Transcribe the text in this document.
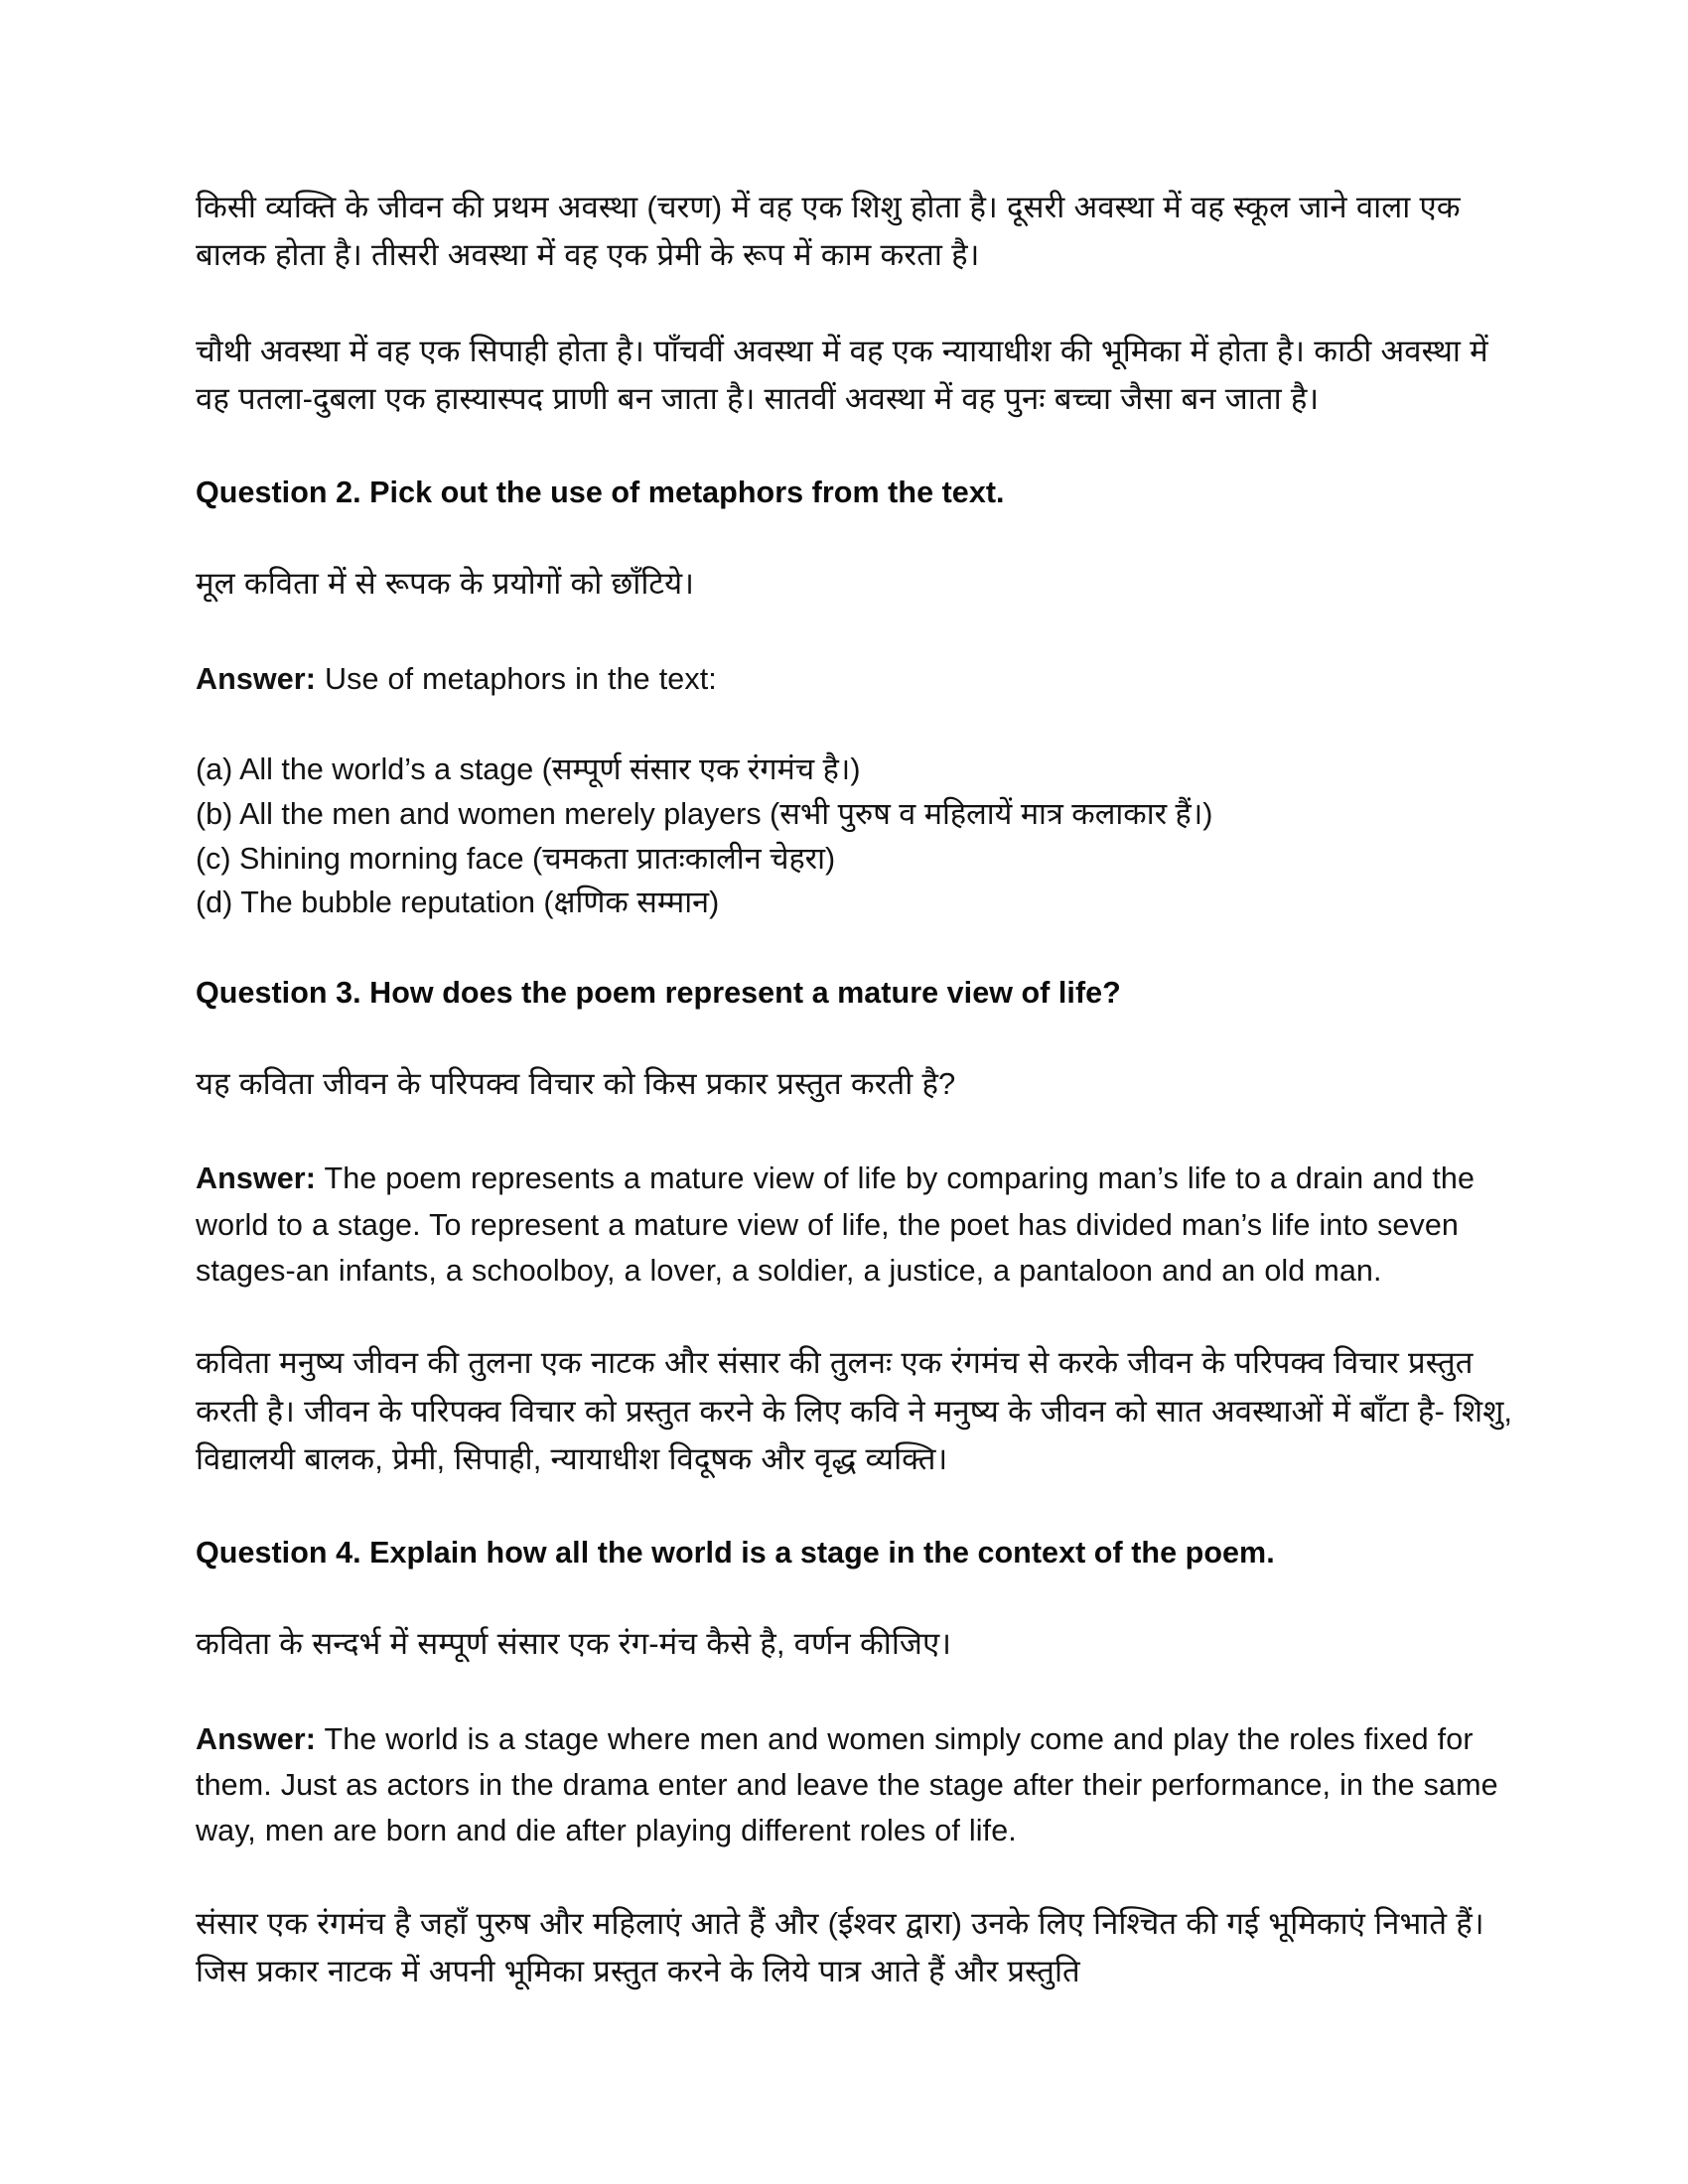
किसी व्यक्ति के जीवन की प्रथम अवस्था (चरण) में वह एक शिशु होता है। दूसरी अवस्था में वह स्कूल जाने वाला एक बालक होता है। तीसरी अवस्था में वह एक प्रेमी के रूप में काम करता है।

चौथी अवस्था में वह एक सिपाही होता है। पाँचवीं अवस्था में वह एक न्यायाधीश की भूमिका में होता है। काठी अवस्था में वह पतला-दुबला एक हास्यास्पद प्राणी बन जाता है। सातवीं अवस्था में वह पुनः बच्चा जैसा बन जाता है।

Question 2. Pick out the use of metaphors from the text.

मूल कविता में से रूपक के प्रयोगों को छाँटिये।

Answer: Use of metaphors in the text:

(a) All the world’s a stage (सम्पूर्ण संसार एक रंगमंच है।)
(b) All the men and women merely players (सभी पुरुष व महिलायें मात्र कलाकार हैं।)
(c) Shining morning face (चमकता प्रातःकालीन चेहरा)
(d) The bubble reputation (क्षणिक सम्मान)
Question 3. How does the poem represent a mature view of life?

यह कविता जीवन के परिपक्व विचार को किस प्रकार प्रस्तुत करती है?

Answer: The poem represents a mature view of life by comparing man’s life to a drain and the world to a stage. To represent a mature view of life, the poet has divided man’s life into seven stages-an infants, a schoolboy, a lover, a soldier, a justice, a pantaloon and an old man.

कविता मनुष्य जीवन की तुलना एक नाटक और संसार की तुलनः एक रंगमंच से करके जीवन के परिपक्व विचार प्रस्तुत करती है। जीवन के परिपक्व विचार को प्रस्तुत करने के लिए कवि ने मनुष्य के जीवन को सात अवस्थाओं में बाँटा है- शिशु, विद्यालयी बालक, प्रेमी, सिपाही, न्यायाधीश विदूषक और वृद्ध व्यक्ति।

Question 4. Explain how all the world is a stage in the context of the poem.

कविता के सन्दर्भ में सम्पूर्ण संसार एक रंग-मंच कैसे है, वर्णन कीजिए।

Answer: The world is a stage where men and women simply come and play the roles fixed for them. Just as actors in the drama enter and leave the stage after their performance, in the same way, men are born and die after playing different roles of life.

संसार एक रंगमंच है जहाँ पुरुष और महिलाएं आते हैं और (ईश्वर द्वारा) उनके लिए निश्चित की गई भूमिकाएं निभाते हैं। जिस प्रकार नाटक में अपनी भूमिका प्रस्तुत करने के लिये पात्र आते हैं और प्रस्तुति
